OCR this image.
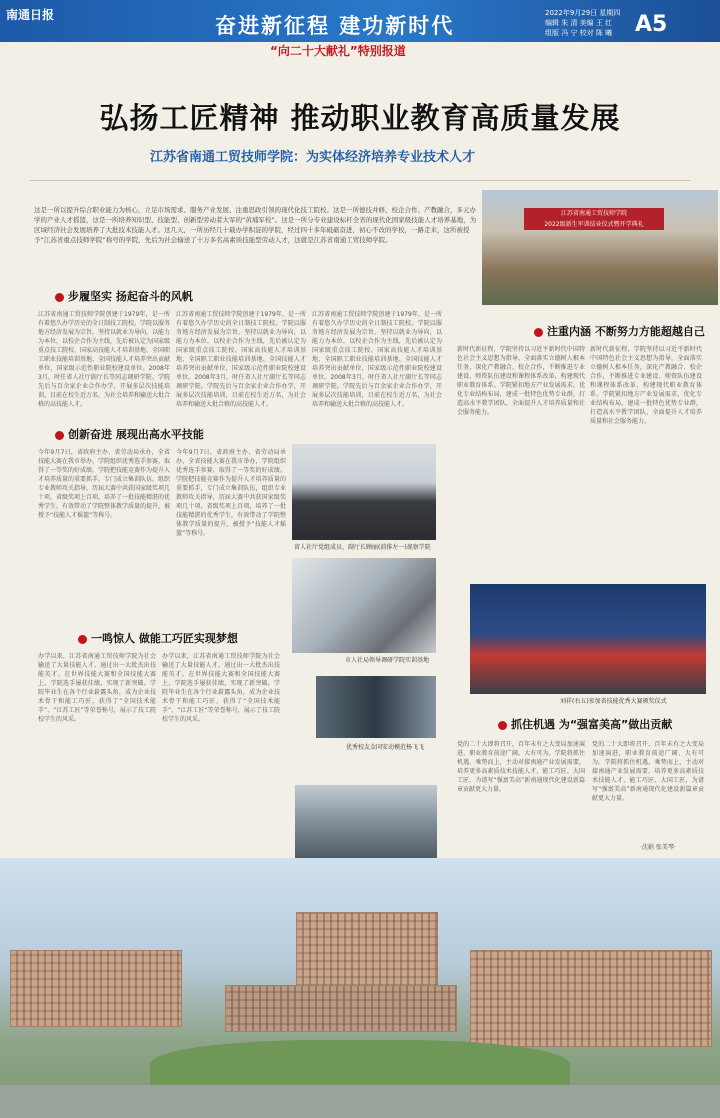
南通日报	奋进新征程 建功新时代
2022年9月29日 星期四
编辑 朱 清 美编 王 红
组版 冯 宁 校对 陈 曦	A5
“向二十大献礼”特别报道
弘扬工匠精神 推动职业教育高质量发展
江苏省南通工贸技师学院：为实体经济培养专业技术人才
这是一所以提升综合职业能力为核心，立足市场需求、服务产业发展、注重思政引领的现代化技工院校。这是一所德技并修、校企合作、产教融合，多元办学的产业人才摇篮，这是一所培养知识型、技能型、创新型劳动者大军的“黄埔军校”。这是一所分专业建设标杆全省的现代化国家级技能人才培养基地，为区域经济社会发展培养了大批技术技能人才。这几天，一所历经几十载办学积淀的学院，经过四十多年砥砺奋进，初心不改的学校，一路走来，这所被授予“江苏省重点技师学院”称号的学院，先后为社会输送了十万多名高素质技能型劳动人才，这就是江苏省南通工贸技师学院。
江苏省南通工贸技师学院
2022级新生军训结业仪式暨开学典礼
步履坚实 扬起奋斗的风帆
江苏省南通工贸技师学院创建于1979年，是一所有着悠久办学历史的全日制技工院校。学院以服务地方经济发展为宗旨，坚持以就业为导向，以能力为本位，以校企合作为主线，先后被认定为国家级重点技工院校、国家高技能人才培训基地、全国职工职业技能培训基地、全国技能人才培养突出贡献单位，国家级示范性职业院校建设单位。2008年3月，时任省人社厅副厅长等同志调研学院。学院先后与百余家企业合作办学，开展多层次技能培训，目前在校生近万名，为社会培养和输送大批合格的高技能人才。
江苏省南通工贸技师学院创建于1979年，是一所有着悠久办学历史的全日制技工院校。学院以服务地方经济发展为宗旨，坚持以就业为导向，以能力为本位，以校企合作为主线，先后被认定为国家级重点技工院校、国家高技能人才培训基地、全国职工职业技能培训基地、全国技能人才培养突出贡献单位，国家级示范性职业院校建设单位。2008年3月，时任省人社厅副厅长等同志调研学院。学院先后与百余家企业合作办学，开展多层次技能培训，目前在校生近万名，为社会培养和输送大批合格的高技能人才。
江苏省南通工贸技师学院创建于1979年，是一所有着悠久办学历史的全日制技工院校。学院以服务地方经济发展为宗旨，坚持以就业为导向，以能力为本位，以校企合作为主线，先后被认定为国家级重点技工院校、国家高技能人才培训基地、全国职工职业技能培训基地、全国技能人才培养突出贡献单位，国家级示范性职业院校建设单位。2008年3月，时任省人社厅副厅长等同志调研学院。学院先后与百余家企业合作办学，开展多层次技能培训，目前在校生近万名，为社会培养和输送大批合格的高技能人才。
创新奋进 展现出高水平技能
今年9月7日，省政府主办、省劳动局承办，全省技能大赛在我市举办，学院组织优秀选手参赛，取得了一等奖的好成绩。学院把技能竞赛作为提升人才培养质量的重要抓手，专门成立集训队伍，组织专业教师攻关指导，历届大赛中共获国家级奖项几十项，省级奖项上百项，培养了一批技能精湛的优秀学生，有效带动了学院整体教学质量的提升，被授予“技能人才摇篮”等称号。
今年9月7日，省政府主办、省劳动局承办，全省技能大赛在我市举办，学院组织优秀选手参赛，取得了一等奖的好成绩。学院把技能竞赛作为提升人才培养质量的重要抓手，专门成立集训队伍，组织专业教师攻关指导，历届大赛中共获国家级奖项几十项，省级奖项上百项，培养了一批技能精湛的优秀学生，有效带动了学院整体教学质量的提升，被授予“技能人才摇篮”等称号。
省人社厅党组成员、副厅长顾丽(前排左一)视察学院
市人社局领导调研学院实训基地
一鸣惊人 做能工巧匠实现梦想
办学以来，江苏省南通工贸技师学院为社会输送了大量技能人才，通过出一大批杰出技能英才。在世界技能大赛和全国技能大赛上，学院选手屡获佳绩，实现了新突破。学院毕业生在各个行业崭露头角，成为企业技术骨干和能工巧匠，获得了“全国技术能手”、“江苏工匠”等荣誉称号，展示了技工院校学生的风采。
办学以来，江苏省南通工贸技师学院为社会输送了大量技能人才，通过出一大批杰出技能英才。在世界技能大赛和全国技能大赛上，学院选手屡获佳绩，实现了新突破。学院毕业生在各个行业崭露头角，成为企业技术骨干和能工巧匠，获得了“全国技术能手”、“江苏工匠”等荣誉称号，展示了技工院校学生的风采。
优秀校友金国安动模范杨飞飞
注重内涵 不断努力方能超越自己
新时代新征程，学院坚持以习近平新时代中国特色社会主义思想为指导，全面落实立德树人根本任务，深化产教融合、校企合作，不断推进专业建设、师资队伍建设和课程体系改革，构建现代职业教育体系。学院紧扣地方产业发展需求，优化专业结构布局，建成一批特色优势专业群，打造高水平教学团队，全面提升人才培养质量和社会服务能力。
新时代新征程，学院坚持以习近平新时代中国特色社会主义思想为指导，全面落实立德树人根本任务，深化产教融合、校企合作，不断推进专业建设、师资队伍建设和课程体系改革，构建现代职业教育体系。学院紧扣地方产业发展需求，优化专业结构布局，建成一批特色优势专业群，打造高水平教学团队，全面提升人才培养质量和社会服务能力。
刘祥(右五)参加省技能优秀大赛颁奖仪式
抓住机遇 为“强富美高”做出贡献
党的二十大即将召开，百年未有之大变局加速演进，职业教育前途广阔、大有可为。学院将抓住机遇，乘势而上，主动对接南通产业发展需要，培养更多高素质技术技能人才、能工巧匠、大国工匠，为谱写“强富美高”新南通现代化建设新篇章贡献更大力量。
党的二十大即将召开，百年未有之大变局加速演进，职业教育前途广阔、大有可为。学院将抓住机遇，乘势而上，主动对接南通产业发展需要，培养更多高素质技术技能人才、能工巧匠、大国工匠，为谱写“强富美高”新南通现代化建设新篇章贡献更大力量。
·沈娟 张美琴·
